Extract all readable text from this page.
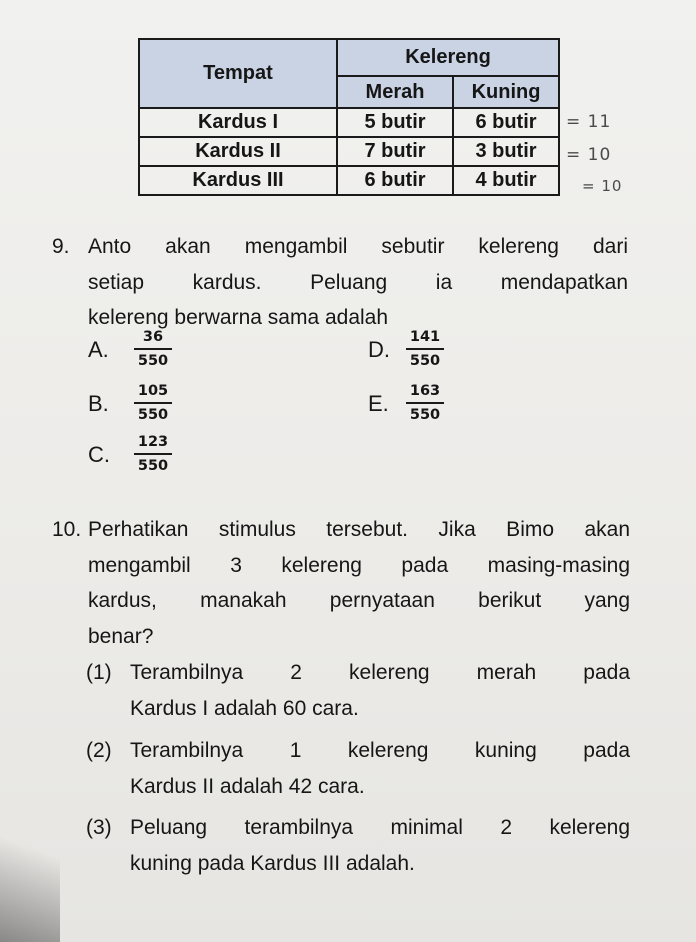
Tempat	Kelereng	
	Merah	Kuning
Kardus I	5 butir	6 butir
Kardus II	7 butir	3 butir
Kardus III	6 butir	4 butir
= 11
= 10
= 10
9. Anto akan mengambil sebutir kelereng dari
setiap kardus. Peluang ia mendapatkan
kelereng berwarna sama adalah
A. $\frac{36}{550}$
B. $\frac{105}{550}$
C. $\frac{123}{550}$
D. $\frac{141}{550}$
E. $\frac{163}{550}$
10. Perhatikan stimulus tersebut. Jika Bimo akan
mengambil 3 kelereng pada masing-masing
kardus, manakah pernyataan berikut yang
benar?
(1) Terambilnya 2 kelereng merah pada
Kardus I adalah 60 cara.
(2) Terambilnya 1 kelereng kuning pada
Kardus II adalah 42 cara.
(3) Peluang terambilnya minimal 2 kelereng
kuning pada Kardus III adalah.
